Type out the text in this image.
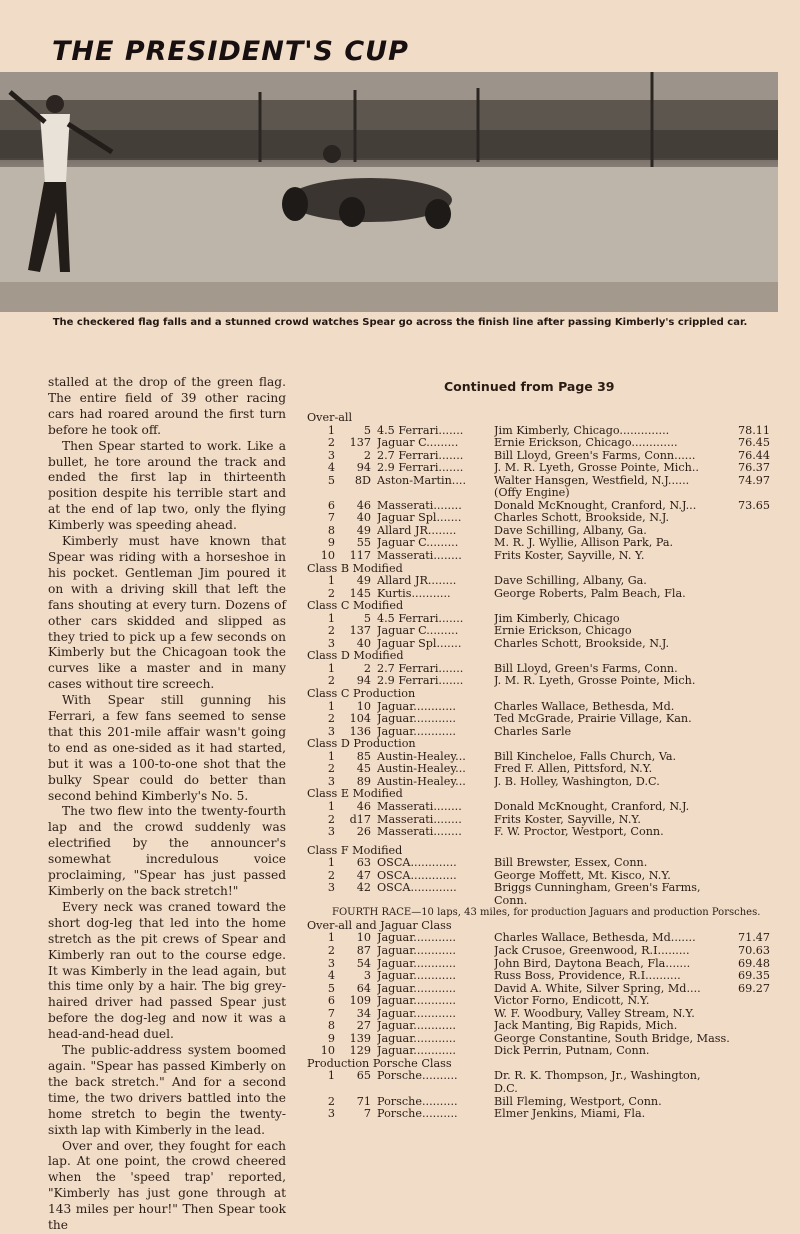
THE PRESIDENT'S CUP
The checkered flag falls and a stunned crowd watches Spear go across the finish line after passing Kimberly's crippled car.

stalled at the drop of the green flag. The entire field of 39 other racing cars had roared around the first turn before he took off.

Then Spear started to work. Like a bullet, he tore around the track and ended the first lap in thirteenth position despite his terrible start and at the end of lap two, only the flying Kimberly was speeding ahead.

Kimberly must have known that Spear was riding with a horseshoe in his pocket. Gentleman Jim poured it on with a driving skill that left the fans shouting at every turn. Dozens of other cars skidded and slipped as they tried to pick up a few seconds on Kimberly but the Chicagoan took the curves like a master and in many cases without tire screech.

With Spear still gunning his Ferrari, a few fans seemed to sense that this 201-mile affair wasn't going to end as one-sided as it had started, but it was a 100-to-one shot that the bulky Spear could do better than second behind Kimberly's No. 5.

The two flew into the twenty-fourth lap and the crowd suddenly was electrified by the announcer's somewhat incredulous voice proclaiming, "Spear has just passed Kimberly on the back stretch!"

Every neck was craned toward the short dog-leg that led into the home stretch as the pit crews of Spear and Kimberly ran out to the course edge. It was Kimberly in the lead again, but this time only by a hair. The big grey-haired driver had passed Spear just before the dog-leg and now it was a head-and-head duel.

The public-address system boomed again. "Spear has passed Kimberly on the back stretch." And for a second time, the two drivers battled into the home stretch to begin the twenty-sixth lap with Kimberly in the lead.

Over and over, they fought for each lap. At one point, the crowd cheered when the 'speed trap' reported, "Kimberly has just gone through at 143 miles per hour!" Then Spear took the

Continued from Page 39
Over-all
1	5 4.5 Ferrari.......	Jim Kimberly, Chicago..............	78.11
2	137 Jaguar C.........	Ernie Erickson, Chicago.............	76.45
3	2 2.7 Ferrari.......	Bill Lloyd, Green's Farms, Conn......	76.44
4	94 2.9 Ferrari.......	J. M. R. Lyeth, Grosse Pointe, Mich..	76.37
5	8D Aston-Martin....	Walter Hansgen, Westfield, N.J......	74.97
(Offy Engine)
6	46 Masserati........	Donald McKnought, Cranford, N.J...	73.65
7	40 Jaguar Spl.......	Charles Schott, Brookside, N.J.
8	49 Allard JR........	Dave Schilling, Albany, Ga.
9	55 Jaguar C.........	M. R. J. Wyllie, Allison Park, Pa.
10	117 Masserati........	Frits Koster, Sayville, N. Y.
Class B Modified
1	49 Allard JR........	Dave Schilling, Albany, Ga.
2	145 Kurtis...........	George Roberts, Palm Beach, Fla.
Class C Modified
1	5 4.5 Ferrari.......	Jim Kimberly, Chicago
2	137 Jaguar C.........	Ernie Erickson, Chicago
3	40 Jaguar Spl.......	Charles Schott, Brookside, N.J.
Class D Modified
1	2 2.7 Ferrari.......	Bill Lloyd, Green's Farms, Conn.
2	94 2.9 Ferrari.......	J. M. R. Lyeth, Grosse Pointe, Mich.
Class C Production
1	10 Jaguar............	Charles Wallace, Bethesda, Md.
2	104 Jaguar............	Ted McGrade, Prairie Village, Kan.
3	136 Jaguar............	Charles Sarle
Class D Production
1	85 Austin-Healey...	Bill Kincheloe, Falls Church, Va.
2	45 Austin-Healey...	Fred F. Allen, Pittsford, N.Y.
3	89 Austin-Healey...	J. B. Holley, Washington, D.C.
Class E Modified
1	46 Masserati........	Donald McKnought, Cranford, N.J.
2	d17 Masserati........	Frits Koster, Sayville, N.Y.
3	26 Masserati........	F. W. Proctor, Westport, Conn.
Class F Modified
1	63 OSCA.............	Bill Brewster, Essex, Conn.
2	47 OSCA.............	George Moffett, Mt. Kisco, N.Y.
3	42 OSCA.............	Briggs Cunningham, Green's Farms,
Conn.
FOURTH RACE—10 laps, 43 miles, for production Jaguars and production Porsches.
Over-all and Jaguar Class
1	10 Jaguar............	Charles Wallace, Bethesda, Md.......	71.47
2	87 Jaguar............	Jack Crusoe, Greenwood, R.I.........	70.63
3	54 Jaguar............	John Bird, Daytona Beach, Fla.......	69.48
4	3 Jaguar............	Russ Boss, Providence, R.I..........	69.35
5	64 Jaguar............	David A. White, Silver Spring, Md....	69.27
6	109 Jaguar............	Victor Forno, Endicott, N.Y.
7	34 Jaguar............	W. F. Woodbury, Valley Stream, N.Y.
8	27 Jaguar............	Jack Manting, Big Rapids, Mich.
9	139 Jaguar............	George Constantine, South Bridge, Mass.
10	129 Jaguar............	Dick Perrin, Putnam, Conn.
Production Porsche Class
1	65 Porsche..........	Dr. R. K. Thompson, Jr., Washington,
D.C.
2	71 Porsche..........	Bill Fleming, Westport, Conn.
3	7 Porsche..........	Elmer Jenkins, Miami, Fla.
